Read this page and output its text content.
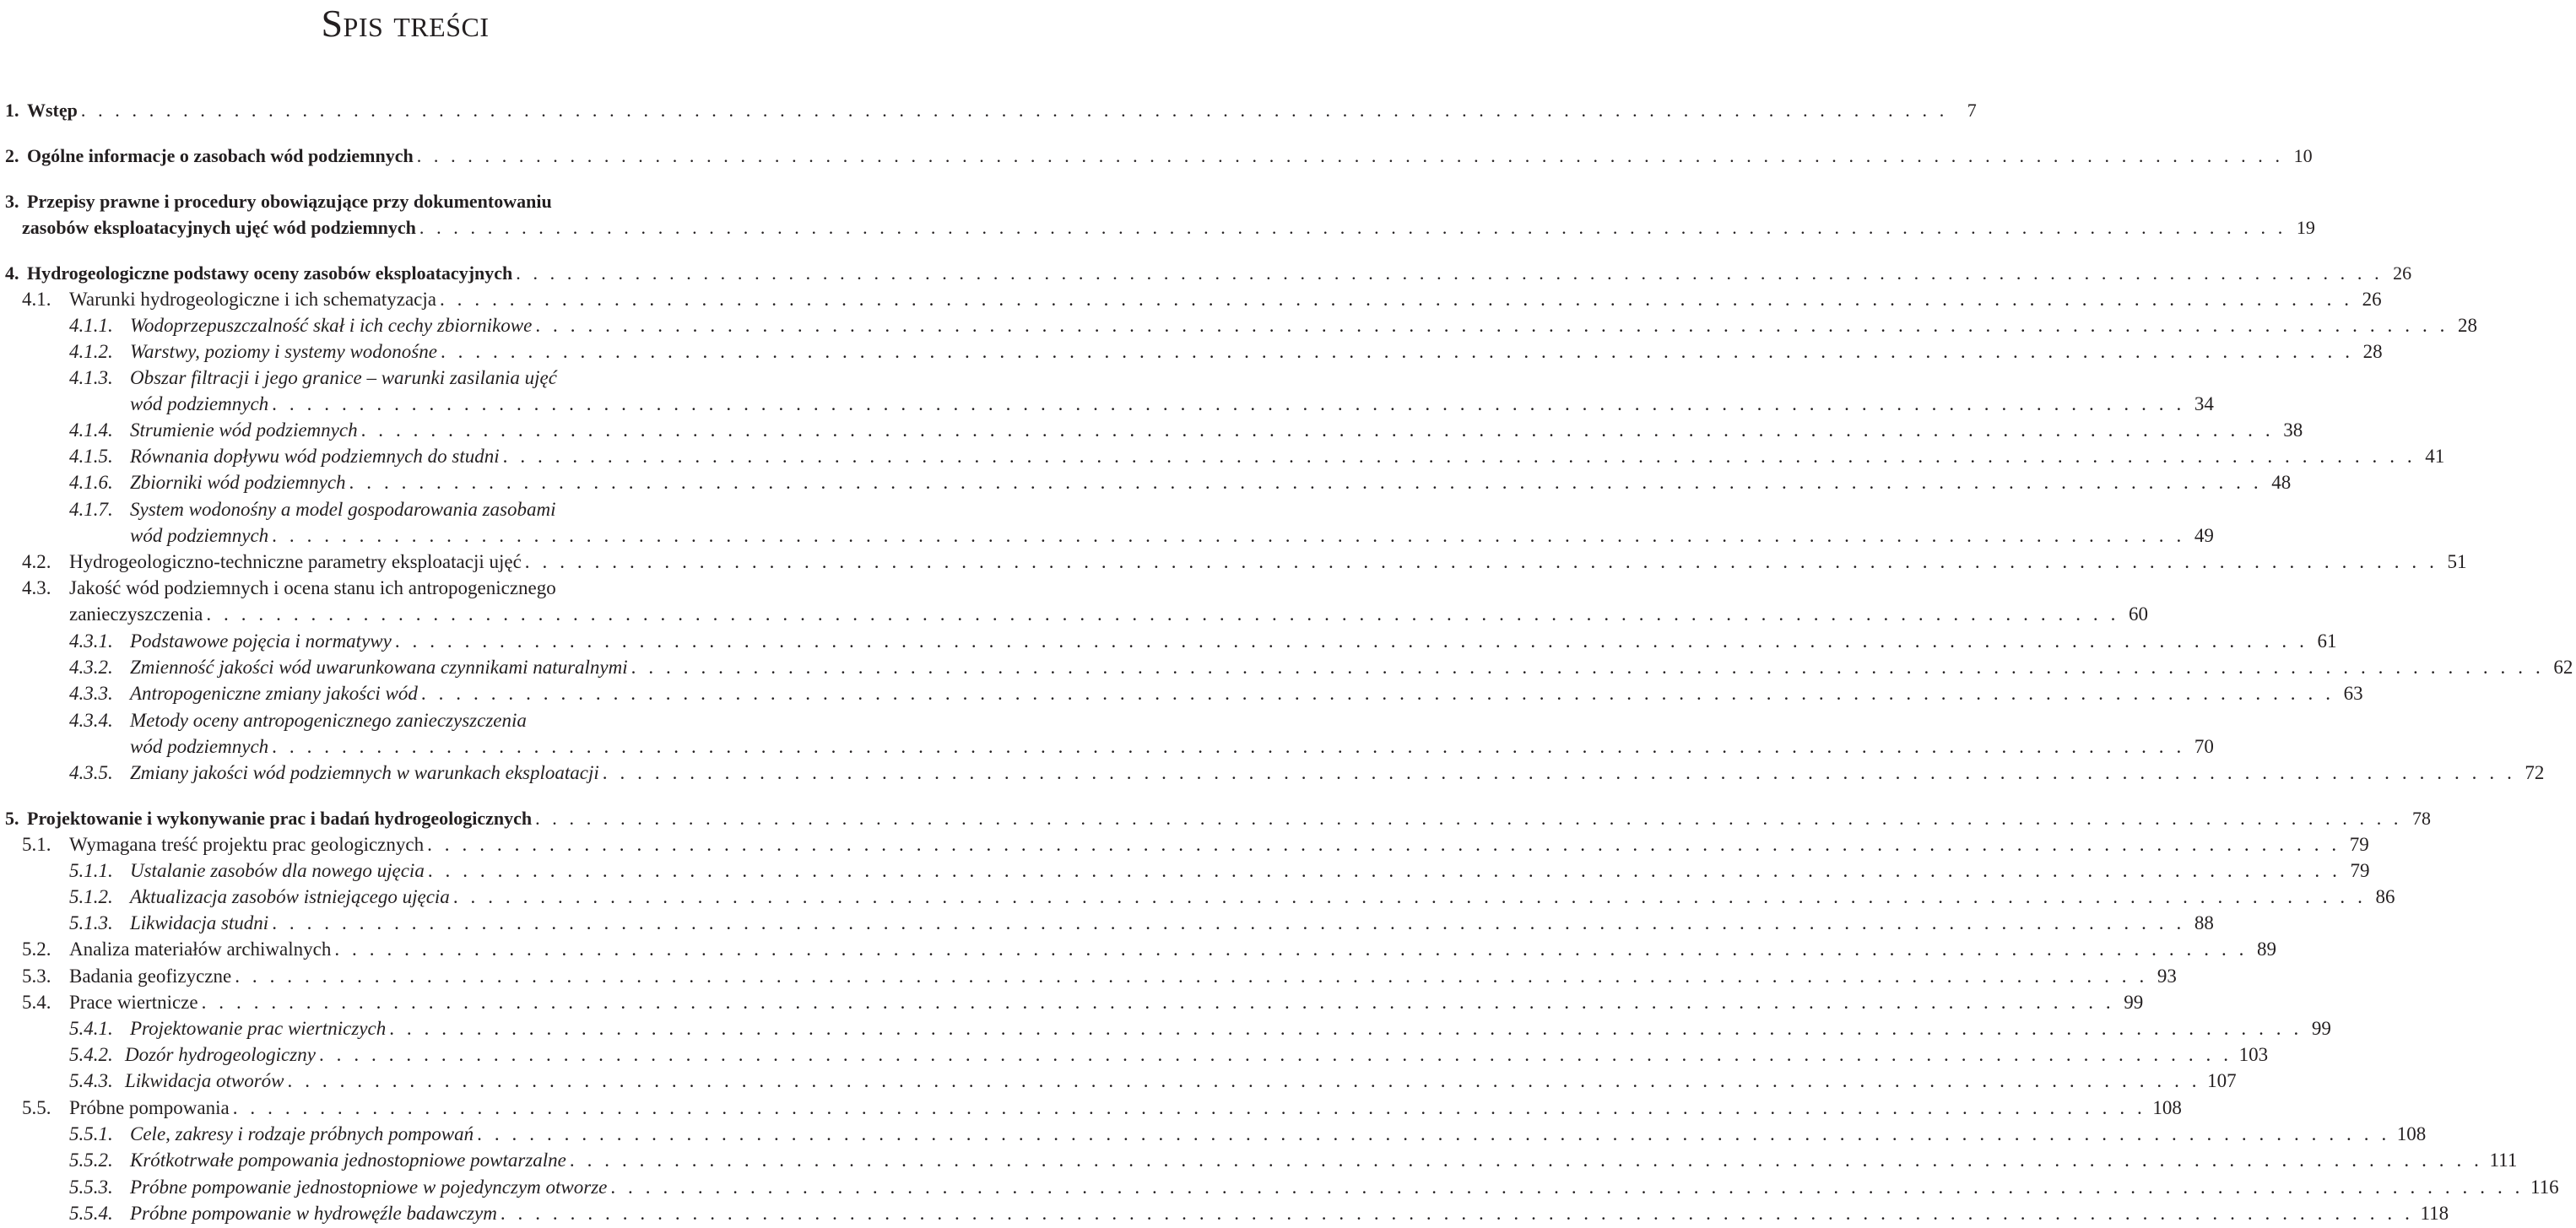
Spis treści
1. Wstęp . . . . . . . . . . . . . . . . . . . . . . . . . . . . . . . . . . . . . . . . . . . . . . . . . . . . . . . . . . . . . . . . . . . . . . . . . . . . . . . . . . . . . . . . . . . . . . . . . . . . . . . . . . . . . .	7
2. Ogólne informacje o zasobach wód podziemnych . . . . . . . . . . . . . . . . . . . . . . . . . . . . . . . . . . . . . . . . . . . . . . . . . . . . . . . . . . . . . . . . . . . . . . . . . . . . . . . . . . . . . . . . . . . . . . . . . . . . . . . . . . . . . . 10
3. Przepisy prawne i procedury obowiązujące przy dokumentowaniu
zasobów eksploatacyjnych ujęć wód podziemnych . . . . . . . . . . . . . . . . . . . . . . . . . . . . . . . . . . . . . . . . . . . . . . . . . . . . . . . . . . . . . . . . . . . . . . . . . . . . . . . . . . . . . . . . . . . . . . . . . . . . . . . . . . . . . . 19
4. Hydrogeologiczne podstawy oceny zasobów eksploatacyjnych . . . . . . . . . . . . . . . . . . . . . . . . . . . . . . . . . . . . . . . . . . . . . . . . . . . . . . . . . . . . . . . . . . . . . . . . . . . . . . . . . . . . . . . . . . . . . . . . . . . . . . . . . . . . . . 26
4.1. Warunki hydrogeologiczne i ich schematyzacja . . . . . . . . . . . . . . . . . . . . . . . . . . . . . . . . . . . . . . . . . . . . . . . . . . . . . . . . . . . . . . . . . . . . . . . . . . . . . . . . . . . . . . . . . . . . . . . . . . . . . . . . . . . . . . 26
4.1.1. Wodoprzepuszczalność skał i ich cechy zbiornikowe . . . . . . . . . . . . . . . . . . . . . . . . . . . . . . . . . . . . . . . . . . . . . . . . . . . . . . . . . . . . . . . . . . . . . . . . . . . . . . . . . . . . . . . . . . . . . . . . . . . . . . . . . . . . . . 28
4.1.2. Warstwy, poziomy i systemy wodonośne . . . . . . . . . . . . . . . . . . . . . . . . . . . . . . . . . . . . . . . . . . . . . . . . . . . . . . . . . . . . . . . . . . . . . . . . . . . . . . . . . . . . . . . . . . . . . . . . . . . . . . . . . . . . . . 28
4.1.3. Obszar filtracji i jego granice – warunki zasilania ujęć
wód podziemnych . . . . . . . . . . . . . . . . . . . . . . . . . . . . . . . . . . . . . . . . . . . . . . . . . . . . . . . . . . . . . . . . . . . . . . . . . . . . . . . . . . . . . . . . . . . . . . . . . . . . . . . . . . . . . . 34
4.1.4. Strumienie wód podziemnych . . . . . . . . . . . . . . . . . . . . . . . . . . . . . . . . . . . . . . . . . . . . . . . . . . . . . . . . . . . . . . . . . . . . . . . . . . . . . . . . . . . . . . . . . . . . . . . . . . . . . . . . . . . . . . 38
4.1.5. Równania dopływu wód podziemnych do studni . . . . . . . . . . . . . . . . . . . . . . . . . . . . . . . . . . . . . . . . . . . . . . . . . . . . . . . . . . . . . . . . . . . . . . . . . . . . . . . . . . . . . . . . . . . . . . . . . . . . . . . . . . . . . . 41
4.1.6. Zbiorniki wód podziemnych . . . . . . . . . . . . . . . . . . . . . . . . . . . . . . . . . . . . . . . . . . . . . . . . . . . . . . . . . . . . . . . . . . . . . . . . . . . . . . . . . . . . . . . . . . . . . . . . . . . . . . . . . . . . . . 48
4.1.7. System wodonośny a model gospodarowania zasobami
wód podziemnych . . . . . . . . . . . . . . . . . . . . . . . . . . . . . . . . . . . . . . . . . . . . . . . . . . . . . . . . . . . . . . . . . . . . . . . . . . . . . . . . . . . . . . . . . . . . . . . . . . . . . . . . . . . . . . 49
4.2. Hydrogeologiczno-techniczne parametry eksploatacji ujęć . . . . . . . . . . . . . . . . . . . . . . . . . . . . . . . . . . . . . . . . . . . . . . . . . . . . . . . . . . . . . . . . . . . . . . . . . . . . . . . . . . . . . . . . . . . . . . . . . . . . . . . . . . . . . . 51
4.3. Jakość wód podziemnych i ocena stanu ich antropogenicznego
zanieczyszczenia . . . . . . . . . . . . . . . . . . . . . . . . . . . . . . . . . . . . . . . . . . . . . . . . . . . . . . . . . . . . . . . . . . . . . . . . . . . . . . . . . . . . . . . . . . . . . . . . . . . . . . . . . . . . . . 60
4.3.1. Podstawowe pojęcia i normatywy . . . . . . . . . . . . . . . . . . . . . . . . . . . . . . . . . . . . . . . . . . . . . . . . . . . . . . . . . . . . . . . . . . . . . . . . . . . . . . . . . . . . . . . . . . . . . . . . . . . . . . . . . . . . . . 61
4.3.2. Zmienność jakości wód uwarunkowana czynnikami naturalnymi . . . . . . . . . . . . . . . . . . . . . . . . . . . . . . . . . . . . . . . . . . . . . . . . . . . . . . . . . . . . . . . . . . . . . . . . . . . . . . . . . . . . . . . . . . . . . . . . . . . . . . . . . . . . . . 62
4.3.3. Antropogeniczne zmiany jakości wód . . . . . . . . . . . . . . . . . . . . . . . . . . . . . . . . . . . . . . . . . . . . . . . . . . . . . . . . . . . . . . . . . . . . . . . . . . . . . . . . . . . . . . . . . . . . . . . . . . . . . . . . . . . . . . 63
4.3.4. Metody oceny antropogenicznego zanieczyszczenia
wód podziemnych . . . . . . . . . . . . . . . . . . . . . . . . . . . . . . . . . . . . . . . . . . . . . . . . . . . . . . . . . . . . . . . . . . . . . . . . . . . . . . . . . . . . . . . . . . . . . . . . . . . . . . . . . . . . . . 70
4.3.5. Zmiany jakości wód podziemnych w warunkach eksploatacji . . . . . . . . . . . . . . . . . . . . . . . . . . . . . . . . . . . . . . . . . . . . . . . . . . . . . . . . . . . . . . . . . . . . . . . . . . . . . . . . . . . . . . . . . . . . . . . . . . . . . . . . . . . . . . 72
5. Projektowanie i wykonywanie prac i badań hydrogeologicznych . . . . . . . . . . . . . . . . . . . . . . . . . . . . . . . . . . . . . . . . . . . . . . . . . . . . . . . . . . . . . . . . . . . . . . . . . . . . . . . . . . . . . . . . . . . . . . . . . . . . . . . . . . . . . . 78
5.1. Wymagana treść projektu prac geologicznych . . . . . . . . . . . . . . . . . . . . . . . . . . . . . . . . . . . . . . . . . . . . . . . . . . . . . . . . . . . . . . . . . . . . . . . . . . . . . . . . . . . . . . . . . . . . . . . . . . . . . . . . . . . . . . 79
5.1.1. Ustalanie zasobów dla nowego ujęcia . . . . . . . . . . . . . . . . . . . . . . . . . . . . . . . . . . . . . . . . . . . . . . . . . . . . . . . . . . . . . . . . . . . . . . . . . . . . . . . . . . . . . . . . . . . . . . . . . . . . . . . . . . . . . . 79
5.1.2. Aktualizacja zasobów istniejącego ujęcia . . . . . . . . . . . . . . . . . . . . . . . . . . . . . . . . . . . . . . . . . . . . . . . . . . . . . . . . . . . . . . . . . . . . . . . . . . . . . . . . . . . . . . . . . . . . . . . . . . . . . . . . . . . . . . 86
5.1.3. Likwidacja studni . . . . . . . . . . . . . . . . . . . . . . . . . . . . . . . . . . . . . . . . . . . . . . . . . . . . . . . . . . . . . . . . . . . . . . . . . . . . . . . . . . . . . . . . . . . . . . . . . . . . . . . . . . . . . . 88
5.2. Analiza materiałów archiwalnych . . . . . . . . . . . . . . . . . . . . . . . . . . . . . . . . . . . . . . . . . . . . . . . . . . . . . . . . . . . . . . . . . . . . . . . . . . . . . . . . . . . . . . . . . . . . . . . . . . . . . . . . . . . . . . 89
5.3. Badania geofizyczne . . . . . . . . . . . . . . . . . . . . . . . . . . . . . . . . . . . . . . . . . . . . . . . . . . . . . . . . . . . . . . . . . . . . . . . . . . . . . . . . . . . . . . . . . . . . . . . . . . . . . . . . . . . . . . 93
5.4. Prace wiertnicze . . . . . . . . . . . . . . . . . . . . . . . . . . . . . . . . . . . . . . . . . . . . . . . . . . . . . . . . . . . . . . . . . . . . . . . . . . . . . . . . . . . . . . . . . . . . . . . . . . . . . . . . . . . . . . 99
5.4.1. Projektowanie prac wiertniczych . . . . . . . . . . . . . . . . . . . . . . . . . . . . . . . . . . . . . . . . . . . . . . . . . . . . . . . . . . . . . . . . . . . . . . . . . . . . . . . . . . . . . . . . . . . . . . . . . . . . . . . . . . . . . . 99
5.4.2. Dozór hydrogeologiczny . . . . . . . . . . . . . . . . . . . . . . . . . . . . . . . . . . . . . . . . . . . . . . . . . . . . . . . . . . . . . . . . . . . . . . . . . . . . . . . . . . . . . . . . . . . . . . . . . . . . . . . . . . . . . . 103
5.4.3. Likwidacja otworów . . . . . . . . . . . . . . . . . . . . . . . . . . . . . . . . . . . . . . . . . . . . . . . . . . . . . . . . . . . . . . . . . . . . . . . . . . . . . . . . . . . . . . . . . . . . . . . . . . . . . . . . . . . . . . 107
5.5. Próbne pompowania . . . . . . . . . . . . . . . . . . . . . . . . . . . . . . . . . . . . . . . . . . . . . . . . . . . . . . . . . . . . . . . . . . . . . . . . . . . . . . . . . . . . . . . . . . . . . . . . . . . . . . . . . . . . . . 108
5.5.1. Cele, zakresy i rodzaje próbnych pompowań . . . . . . . . . . . . . . . . . . . . . . . . . . . . . . . . . . . . . . . . . . . . . . . . . . . . . . . . . . . . . . . . . . . . . . . . . . . . . . . . . . . . . . . . . . . . . . . . . . . . . . . . . . . . . . 108
5.5.2. Krótkotrwałe pompowania jednostopniowe powtarzalne . . . . . . . . . . . . . . . . . . . . . . . . . . . . . . . . . . . . . . . . . . . . . . . . . . . . . . . . . . . . . . . . . . . . . . . . . . . . . . . . . . . . . . . . . . . . . . . . . . . . . . . . . . . . . . 111
5.5.3. Próbne pompowanie jednostopniowe w pojedynczym otworze . . . . . . . . . . . . . . . . . . . . . . . . . . . . . . . . . . . . . . . . . . . . . . . . . . . . . . . . . . . . . . . . . . . . . . . . . . . . . . . . . . . . . . . . . . . . . . . . . . . . . . . . . . . . . . 116
5.5.4. Próbne pompowanie w hydrowęźle badawczym . . . . . . . . . . . . . . . . . . . . . . . . . . . . . . . . . . . . . . . . . . . . . . . . . . . . . . . . . . . . . . . . . . . . . . . . . . . . . . . . . . . . . . . . . . . . . . . . . . . . . . . . . . . . . . 118
